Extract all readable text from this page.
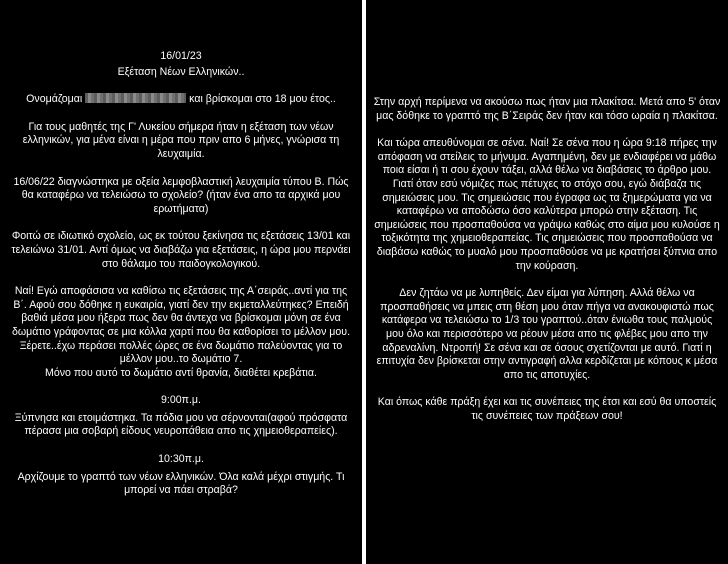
16/01/23

Εξέταση Νέων Ελληνικών..

Ονομάζομαι	και βρίσκομαι στο 18 μου έτος..

Για τους μαθητές της Γ' Λυκείου σήμερα ήταν η εξέταση των νέων ελληνικών, για μένα είναι η μέρα που πριν απο 6 μήνες, γνώρισα τη λευχαιμία.

16/06/22 διαγνώστηκα με οξεία λεμφοβλαστική λευχαιμία τύπου Β. Πώς θα καταφέρω να τελειώσω το σχολείο? (ήταν ένα απο τα αρχικά μου ερωτήματα)

Φοιτώ σε ιδιωτικό σχολείο, ως εκ τούτου ξεκίνησα τις εξετάσεις 13/01 και τελειώνω 31/01. Αντί όμως να διαβάζω για εξετάσεις, η ώρα μου περνάει στο θάλαμο του παιδογκολογικού.

Ναί! Εγώ αποφάσισα να καθίσω τις εξετάσεις της Α΄σειράς..αντί για της Β΄. Αφού σου δόθηκε η ευκαιρία, γιατί δεν την εκμεταλλεύτηκες? Επειδή βαθιά μέσα μου ήξερα πως δεν θα άντεχα να βρίσκομαι μόνη σε ένα δωμάτιο γράφοντας σε μια κόλλα χαρτί που θα καθορίσει το μέλλον μου. Ξέρετε..έχω περάσει πολλές ώρες σε ένα δωμάτιο παλεύοντας για το μέλλον μου..το δωμάτιο 7.
Μόνο που αυτό το δωμάτιο αντί θρανία, διαθέτει κρεβάτια.

9:00π.μ.

Ξύπνησα και ετοιμάστηκα. Τα πόδια μου να σέρνονται(αφού πρόσφατα πέρασα μια σοβαρή είδους νευροπάθεια απο τις χημειοθεραπείες).

10:30π.μ.

Αρχίζουμε το γραπτό των νέων ελληνικών. Όλα καλά μέχρι στιγμής. Τι μπορεί να πάει στραβά?

Στην αρχή περίμενα να ακούσω πως ήταν μια πλακίτσα. Μετά απο 5' όταν μας δόθηκε το γραπτό της Β΄Σειράς δεν ήταν και τόσο ωραία η πλακίτσα.

Και τώρα απευθύνομαι σε σένα. Ναί! Σε σένα που η ώρα 9:18 πήρες την απόφαση να στείλεις το μήνυμα. Αγαπημένη, δεν με ενδιαφέρει να μάθω ποια είσαι ή τι σου έχουν τάξει, αλλά θέλω να διαβάσεις το άρθρο μου. Γιατί όταν εσύ νόμιζες πως πέτυχες το στόχο σου, εγώ διάβαζα τις σημειώσεις μου. Τις σημειώσεις που έγραφα ως τα ξημερώματα για να καταφέρω να αποδώσω όσο καλύτερα μπορώ στην εξέταση. Τις σημειώσεις που προσπαθούσα να γράψω καθώς στο αίμα μου κυλούσε η τοξικότητα της χημειοθεραπείας. Τις σημειώσεις που προσπαθούσα να διαβάσω καθώς το μυαλό μου προσπαθούσε να με κρατήσει ξύπνια απο την κούραση.

Δεν ζητάω να με λυπηθείς. Δεν είμαι για λύπηση. Αλλά θέλω να προσπαθήσεις να μπεις στη θέση μου όταν πήγα να ανακουφιστώ πως κατάφερα να τελειώσω το 1/3 του γραπτού..όταν ένιωθα τους παλμούς μου όλο και περισσότερο να ρέουν μέσα απο τις φλέβες μου απο την αδρεναλίνη. Ντροπή! Σε σένα και σε όσους σχετίζονται με αυτό. Γιατί η επιτυχία δεν βρίσκεται στην αντιγραφή αλλα κερδίζεται με κόπους κ μέσα απο τις αποτυχίες.

Και όπως κάθε πράξη έχει και τις συνέπειες της έτσι και εσύ θα υποστείς τις συνέπειες των πράξεων σου!
